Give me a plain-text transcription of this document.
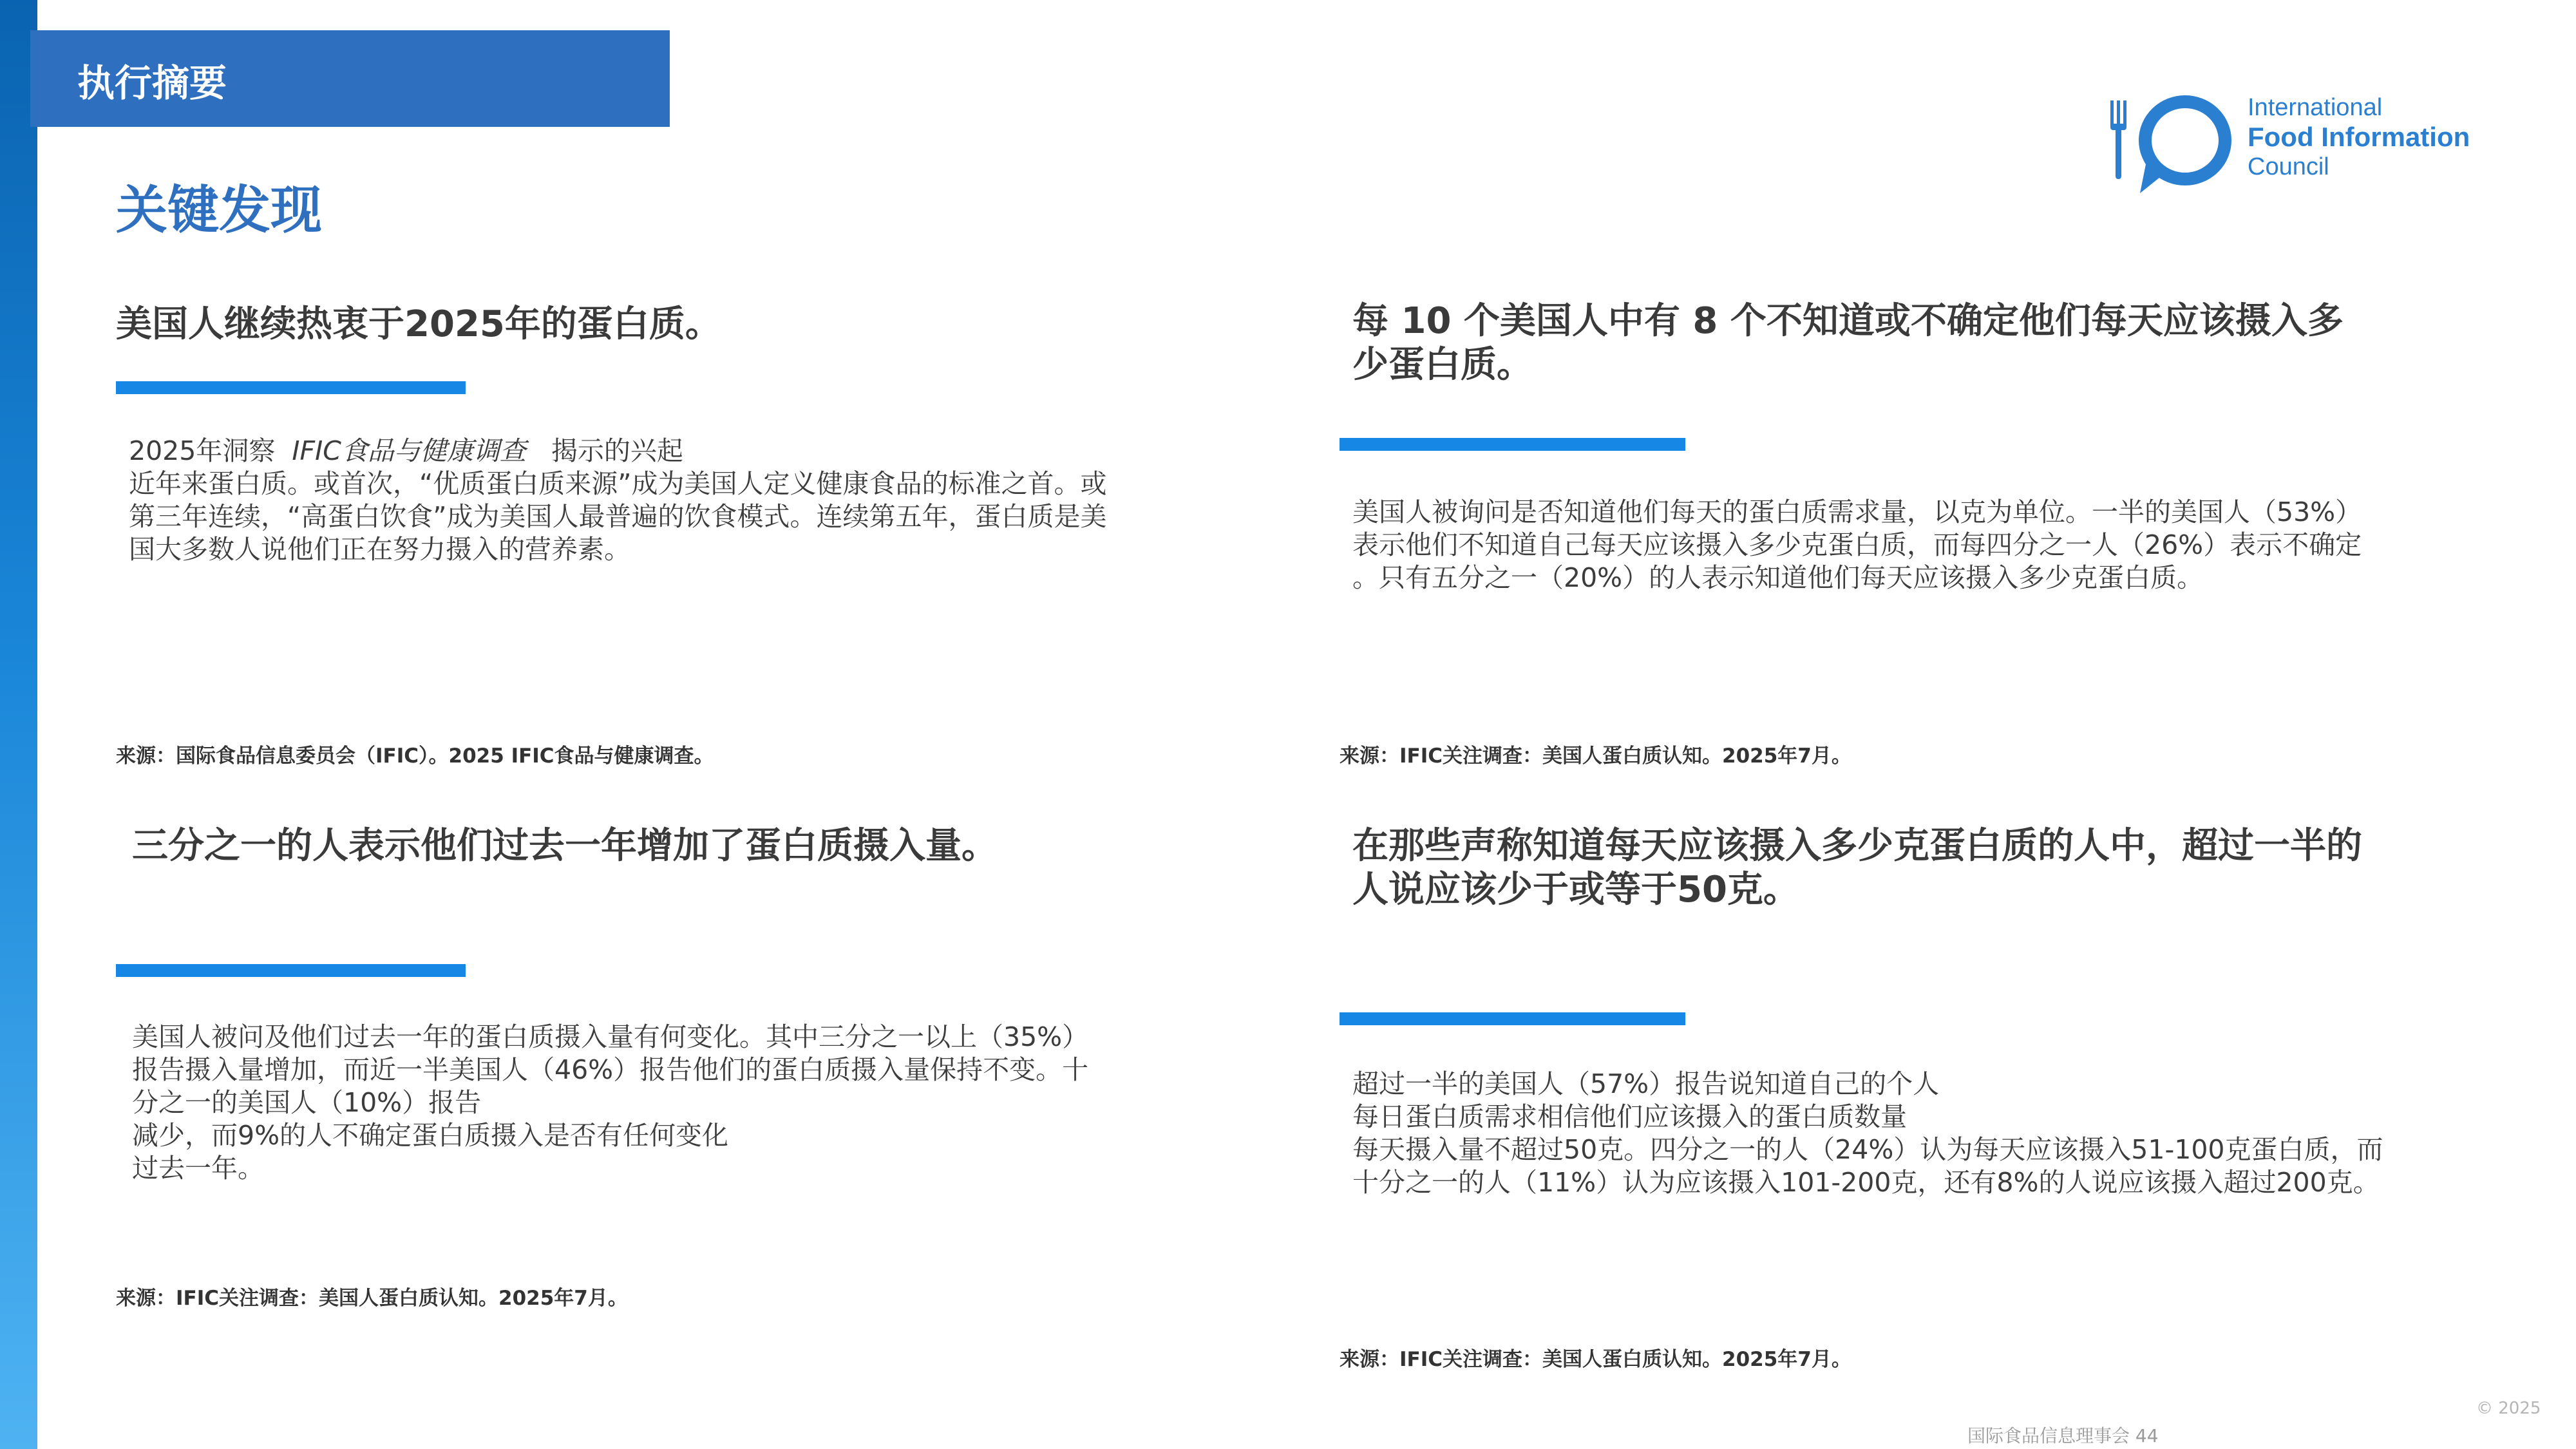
执行摘要
关键发现
International
Food Information
Council
美国人继续热衷于2025年的蛋白质。
2025年洞察 IFIC食品与健康调查 揭示的兴起
近年来蛋白质。或首次，“优质蛋白质来源”成为美国人定义健康食品的标准之首。或
第三年连续，“高蛋白饮食”成为美国人最普遍的饮食模式。连续第五年，蛋白质是美
国大多数人说他们正在努力摄入的营养素。
来源：国际食品信息委员会（IFIC）。2025 IFIC食品与健康调查。
每 10 个美国人中有 8 个不知道或不确定他们每天应该摄入多
少蛋白质。
美国人被询问是否知道他们每天的蛋白质需求量，以克为单位。一半的美国人（53%）
表示他们不知道自己每天应该摄入多少克蛋白质，而每四分之一人（26%）表示不确定
。只有五分之一（20%）的人表示知道他们每天应该摄入多少克蛋白质。
来源：IFIC关注调查：美国人蛋白质认知。2025年7月。
三分之一的人表示他们过去一年增加了蛋白质摄入量。
美国人被问及他们过去一年的蛋白质摄入量有何变化。其中三分之一以上（35%）
报告摄入量增加，而近一半美国人（46%）报告他们的蛋白质摄入量保持不变。十
分之一的美国人（10%）报告
减少，而9%的人不确定蛋白质摄入是否有任何变化
过去一年。
来源：IFIC关注调查：美国人蛋白质认知。2025年7月。
在那些声称知道每天应该摄入多少克蛋白质的人中，超过一半的
人说应该少于或等于50克。
超过一半的美国人（57%）报告说知道自己的个人
每日蛋白质需求相信他们应该摄入的蛋白质数量
每天摄入量不超过50克。四分之一的人（24%）认为每天应该摄入51-100克蛋白质，而
十分之一的人（11%）认为应该摄入101-200克，还有8%的人说应该摄入超过200克。
来源：IFIC关注调查：美国人蛋白质认知。2025年7月。
国际食品信息理事会 44
© 2025
